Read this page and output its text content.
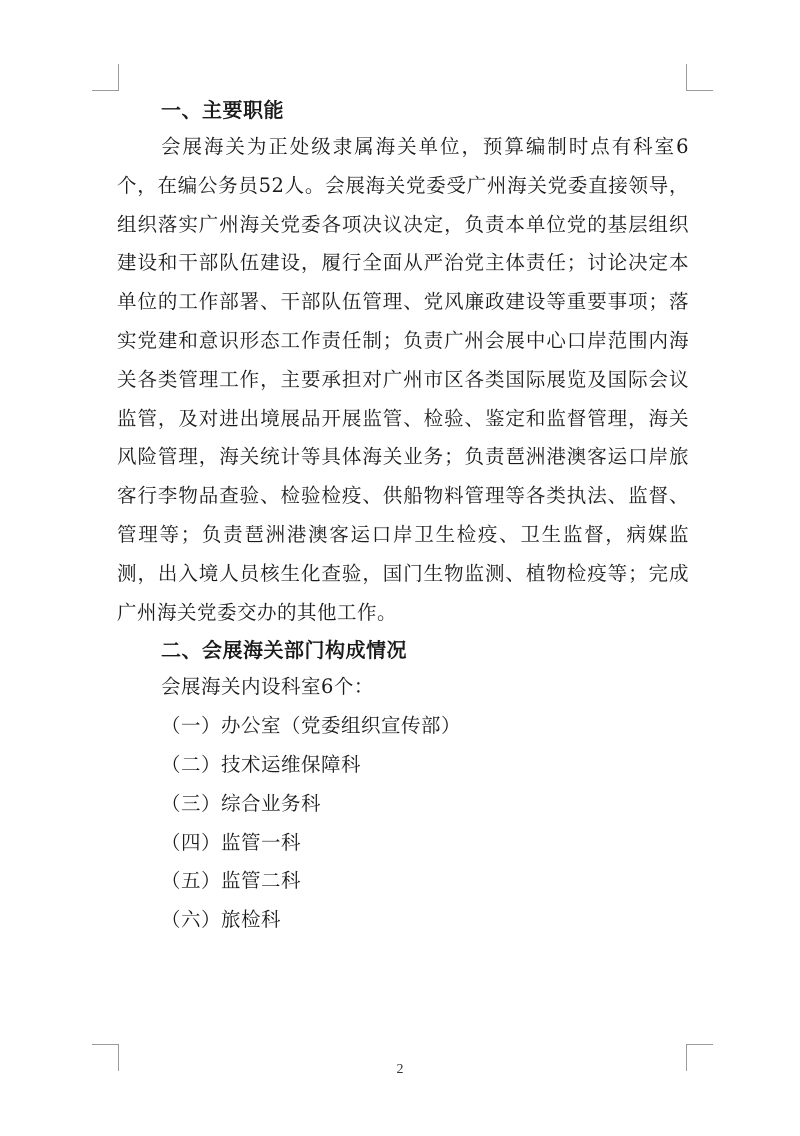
一、主要职能

会展海关为正处级隶属海关单位，预算编制时点有科室6个，在编公务员52人。会展海关党委受广州海关党委直接领导，组织落实广州海关党委各项决议决定，负责本单位党的基层组织建设和干部队伍建设，履行全面从严治党主体责任；讨论决定本单位的工作部署、干部队伍管理、党风廉政建设等重要事项；落实党建和意识形态工作责任制；负责广州会展中心口岸范围内海关各类管理工作，主要承担对广州市区各类国际展览及国际会议监管，及对进出境展品开展监管、检验、鉴定和监督管理，海关风险管理，海关统计等具体海关业务；负责琶洲港澳客运口岸旅客行李物品查验、检验检疫、供船物料管理等各类执法、监督、管理等；负责琶洲港澳客运口岸卫生检疫、卫生监督，病媒监测，出入境人员核生化查验，国门生物监测、植物检疫等；完成广州海关党委交办的其他工作。

二、会展海关部门构成情况

会展海关内设科室6个：

（一）办公室（党委组织宣传部）
（二）技术运维保障科
（三）综合业务科
（四）监管一科
（五）监管二科
（六）旅检科
2
